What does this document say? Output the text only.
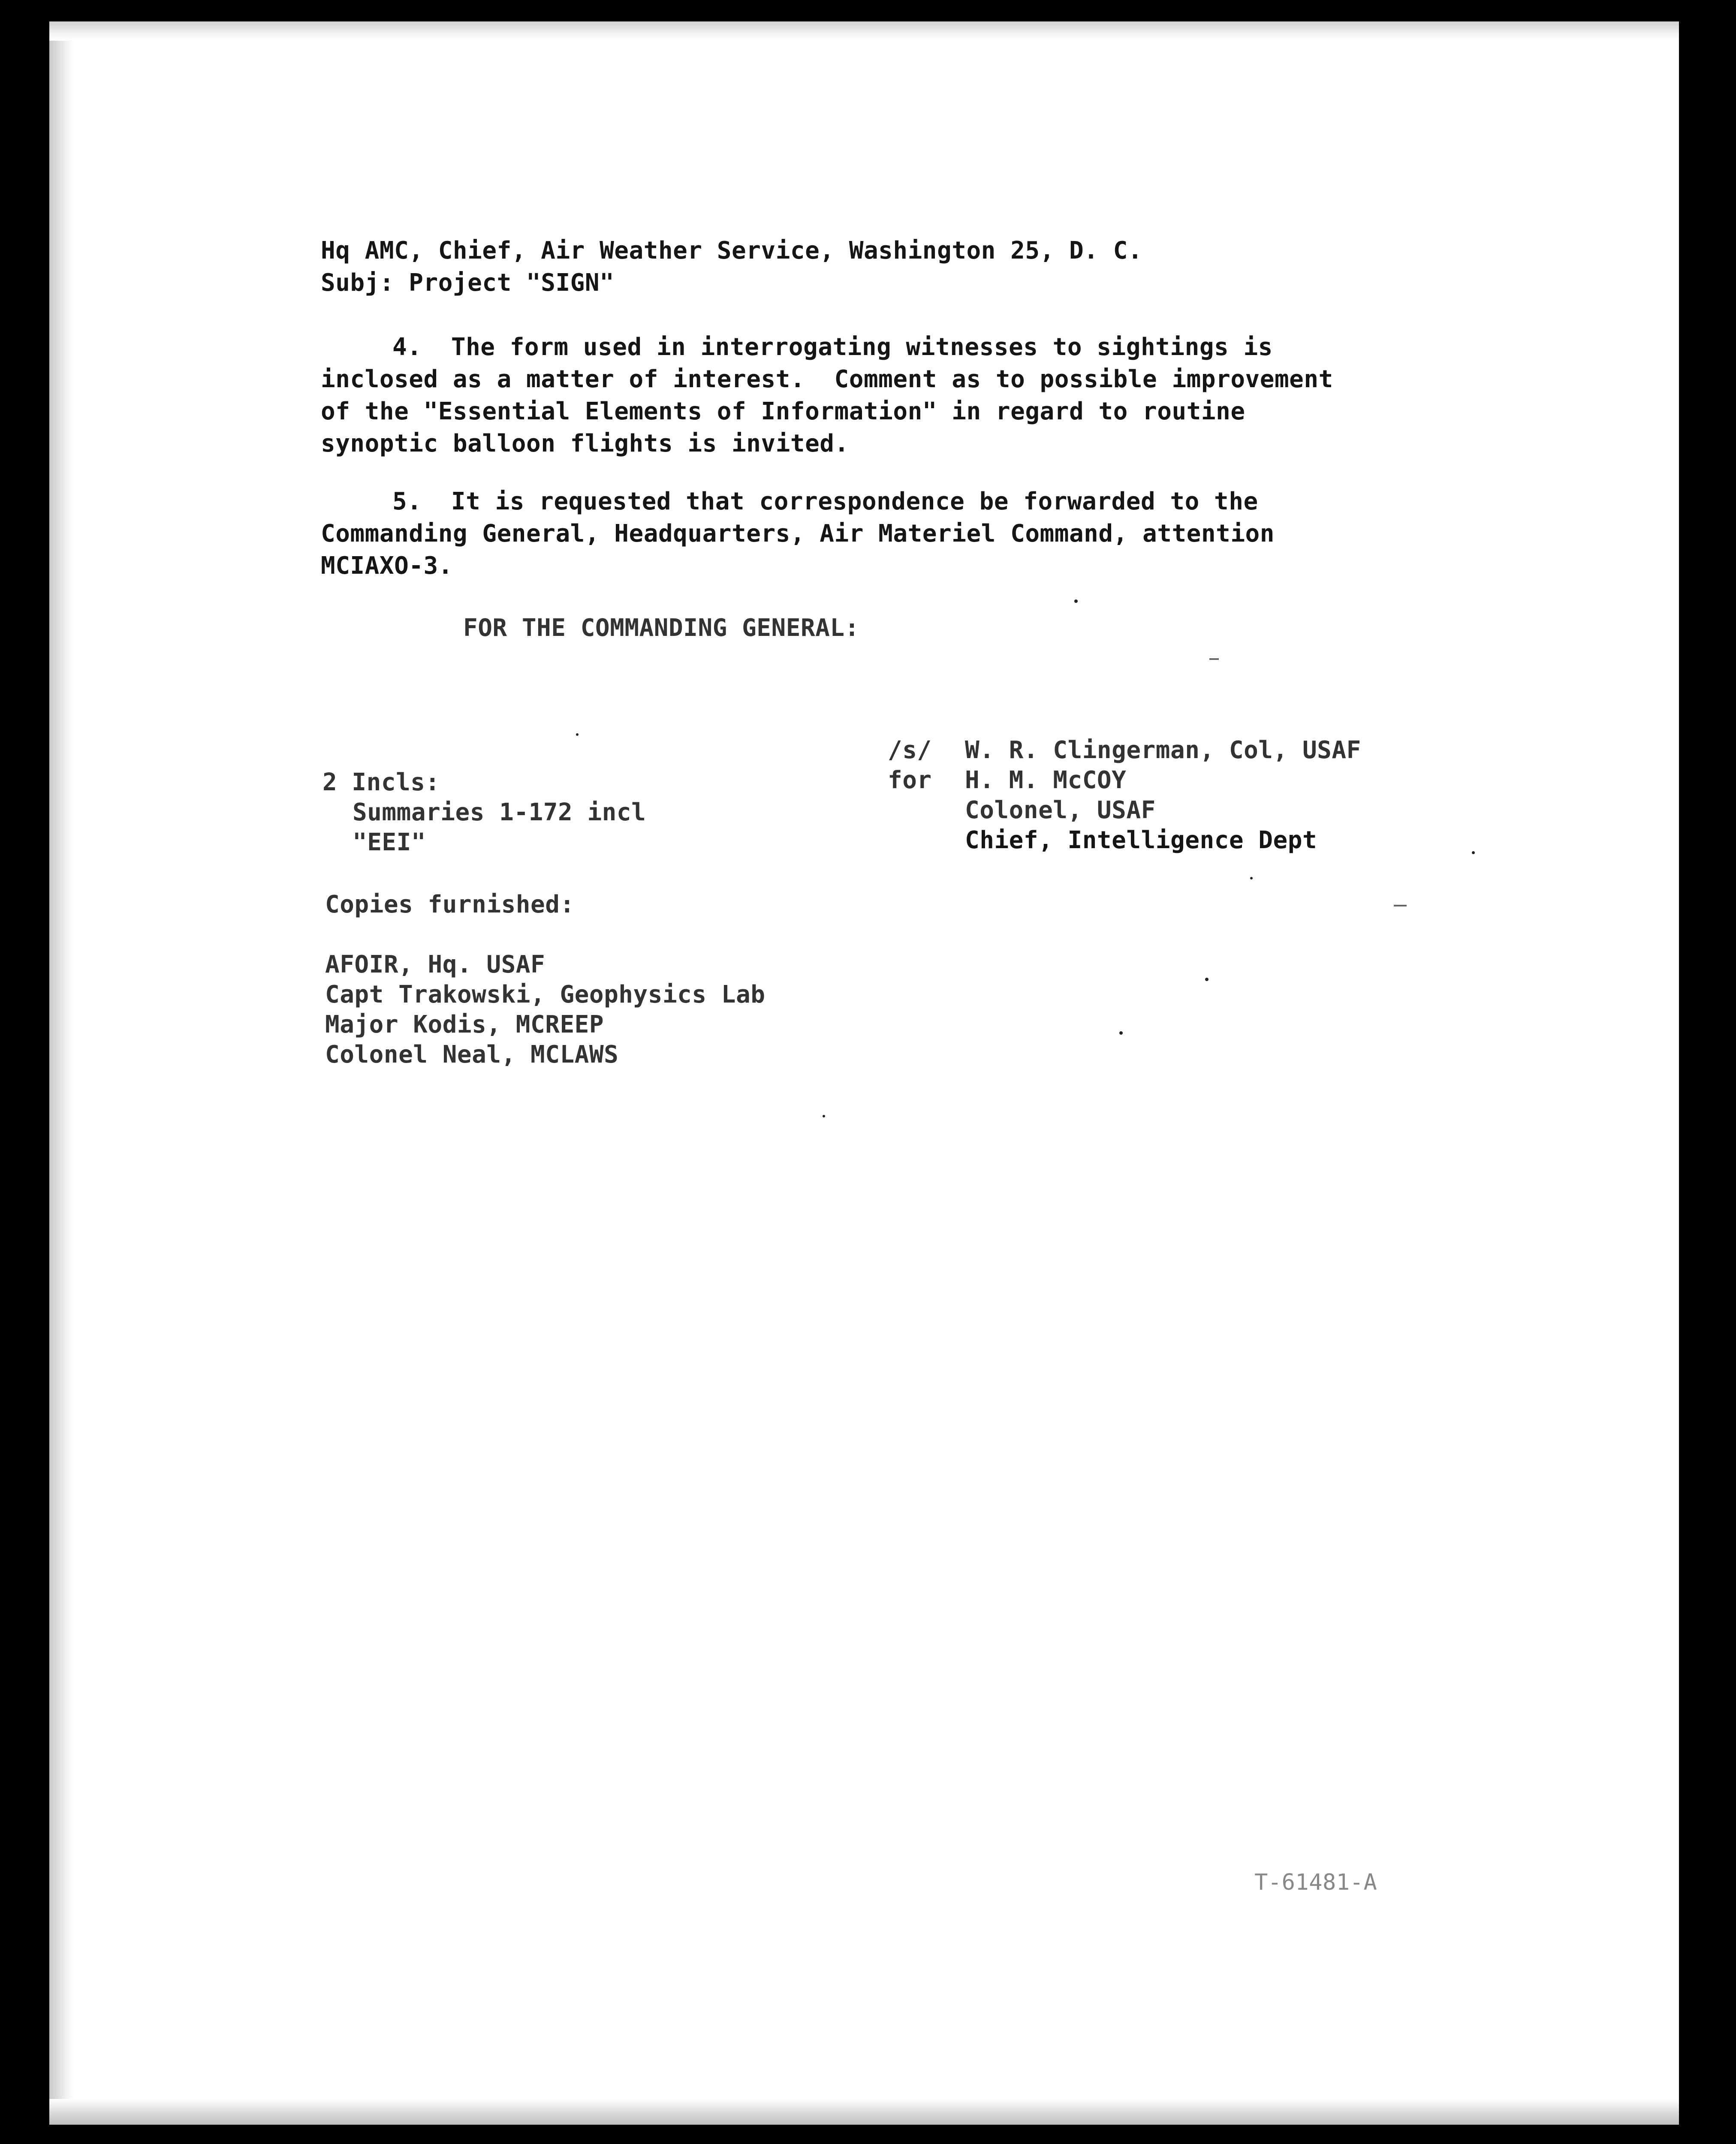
Hq AMC, Chief, Air Weather Service, Washington 25, D. C.
Subj: Project "SIGN"
4.  The form used in interrogating witnesses to sightings is
inclosed as a matter of interest.  Comment as to possible improvement
of the "Essential Elements of Information" in regard to routine
synoptic balloon flights is invited.
5.  It is requested that correspondence be forwarded to the
Commanding General, Headquarters, Air Materiel Command, attention
MCIAXO-3.
FOR THE COMMANDING GENERAL:
/s/
for
W. R. Clingerman, Col, USAF
H. M. McCOY
Colonel, USAF
Chief, Intelligence Dept
2 Incls:
Summaries 1-172 incl
"EEI"
Copies furnished:
AFOIR, Hq. USAF
Capt Trakowski, Geophysics Lab
Major Kodis, MCREEP
Colonel Neal, MCLAWS
T-61481-A
